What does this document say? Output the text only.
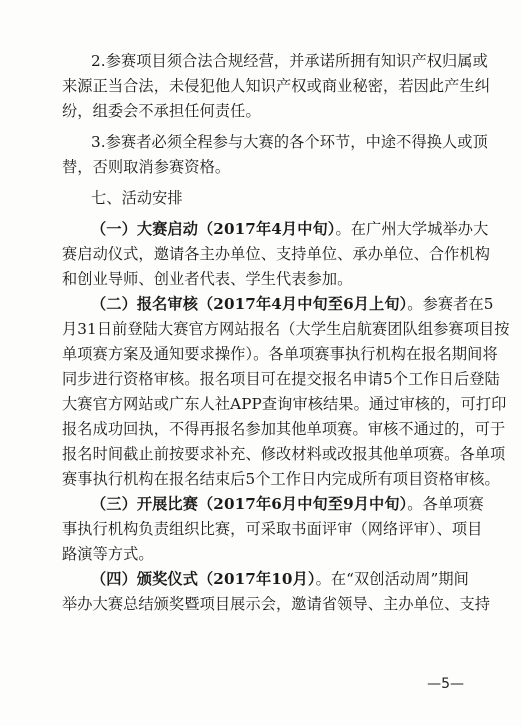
2.参赛项目须合法合规经营，并承诺所拥有知识产权归属或
来源正当合法，未侵犯他人知识产权或商业秘密，若因此产生纠
纷，组委会不承担任何责任。
3.参赛者必须全程参与大赛的各个环节，中途不得换人或顶
替，否则取消参赛资格。
七、活动安排
（一）大赛启动（2017年4月中旬）。在广州大学城举办大
赛启动仪式，邀请各主办单位、支持单位、承办单位、合作机构
和创业导师、创业者代表、学生代表参加。
（二）报名审核（2017年4月中旬至6月上旬）。参赛者在5
月31日前登陆大赛官方网站报名（大学生启航赛团队组参赛项目按
单项赛方案及通知要求操作）。各单项赛事执行机构在报名期间将
同步进行资格审核。报名项目可在提交报名申请5个工作日后登陆
大赛官方网站或广东人社APP查询审核结果。通过审核的，可打印
报名成功回执，不得再报名参加其他单项赛。审核不通过的，可于
报名时间截止前按要求补充、修改材料或改报其他单项赛。各单项
赛事执行机构在报名结束后5个工作日内完成所有项目资格审核。
（三）开展比赛（2017年6月中旬至9月中旬）。各单项赛
事执行机构负责组织比赛，可采取书面评审（网络评审）、项目
路演等方式。
（四）颁奖仪式（2017年10月）。在“双创活动周”期间
举办大赛总结颁奖暨项目展示会，邀请省领导、主办单位、支持
—5—
